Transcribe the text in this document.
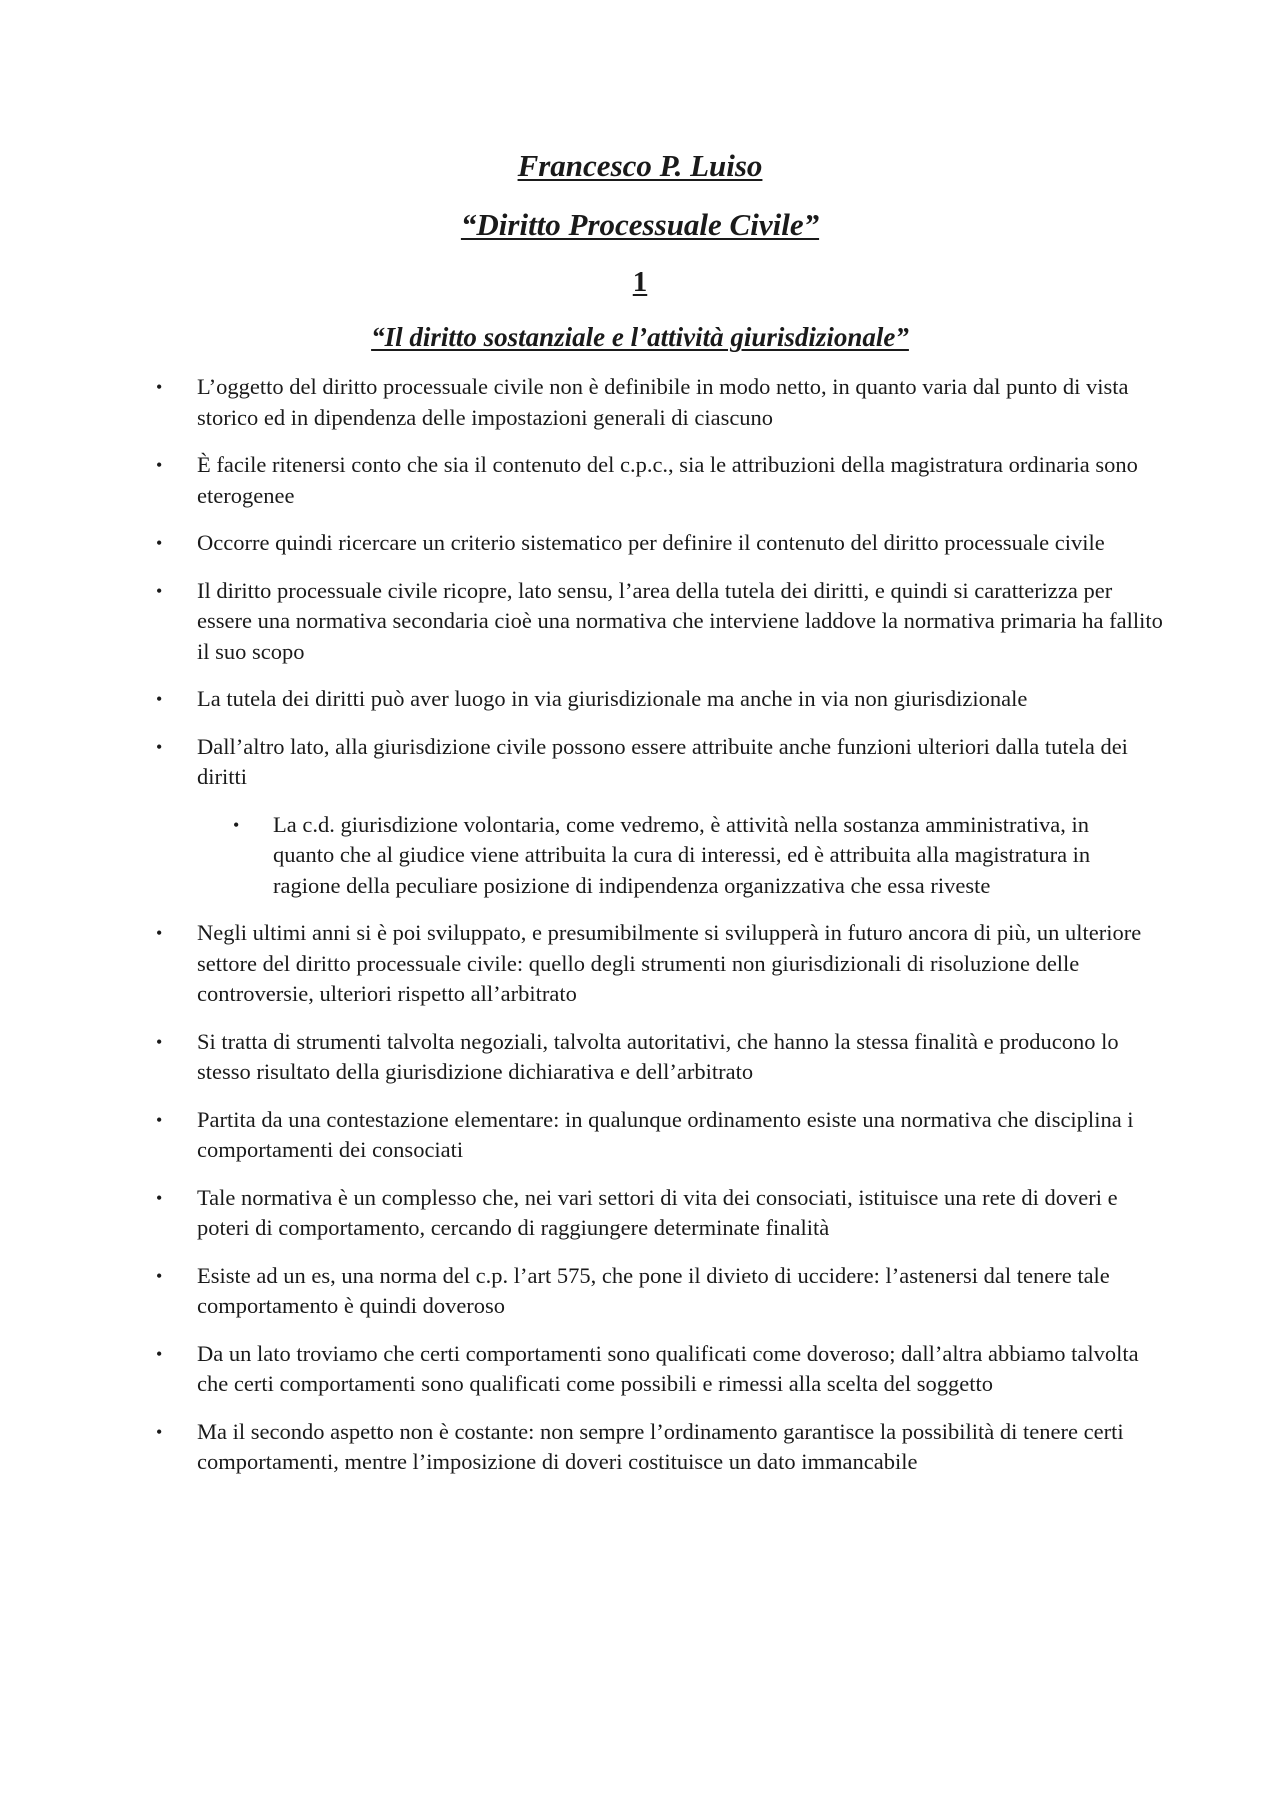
Francesco P. Luiso
“Diritto Processuale Civile”
1
“Il diritto sostanziale e l’attività giurisdizionale”
• L’oggetto del diritto processuale civile non è definibile in modo netto, in quanto varia dal punto di vista storico ed in dipendenza delle impostazioni generali di ciascuno
• È facile ritenersi conto che sia il contenuto del c.p.c., sia le attribuzioni della magistratura ordinaria sono eterogenee
• Occorre quindi ricercare un criterio sistematico per definire il contenuto del diritto processuale civile
• Il diritto processuale civile ricopre, lato sensu, l’area della tutela dei diritti, e quindi si caratterizza per essere una normativa secondaria cioè una normativa che interviene laddove la normativa primaria ha fallito il suo scopo
• La tutela dei diritti può aver luogo in via giurisdizionale ma anche in via non giurisdizionale
• Dall’altro lato, alla giurisdizione civile possono essere attribuite anche funzioni ulteriori dalla tutela dei diritti
• La c.d. giurisdizione volontaria, come vedremo, è attività nella sostanza amministrativa, in quanto che al giudice viene attribuita la cura di interessi, ed è attribuita alla magistratura in ragione della peculiare posizione di indipendenza organizzativa che essa riveste
• Negli ultimi anni si è poi sviluppato, e presumibilmente si svilupperà in futuro ancora di più, un ulteriore settore del diritto processuale civile: quello degli strumenti non giurisdizionali di risoluzione delle controversie, ulteriori rispetto all’arbitrato
• Si tratta di strumenti talvolta negoziali, talvolta autoritativi, che hanno la stessa finalità e producono lo stesso risultato della giurisdizione dichiarativa e dell’arbitrato
• Partita da una contestazione elementare: in qualunque ordinamento esiste una normativa che disciplina i comportamenti dei consociati
• Tale normativa è un complesso che, nei vari settori di vita dei consociati, istituisce una rete di doveri e poteri di comportamento, cercando di raggiungere determinate finalità
• Esiste ad un es, una norma del c.p. l’art 575, che pone il divieto di uccidere: l’astenersi dal tenere tale comportamento è quindi doveroso
• Da un lato troviamo che certi comportamenti sono qualificati come doveroso; dall’altra abbiamo talvolta che certi comportamenti sono qualificati come possibili e rimessi alla scelta del soggetto
• Ma il secondo aspetto non è costante: non sempre l’ordinamento garantisce la possibilità di tenere certi comportamenti, mentre l’imposizione di doveri costituisce un dato immancabile
